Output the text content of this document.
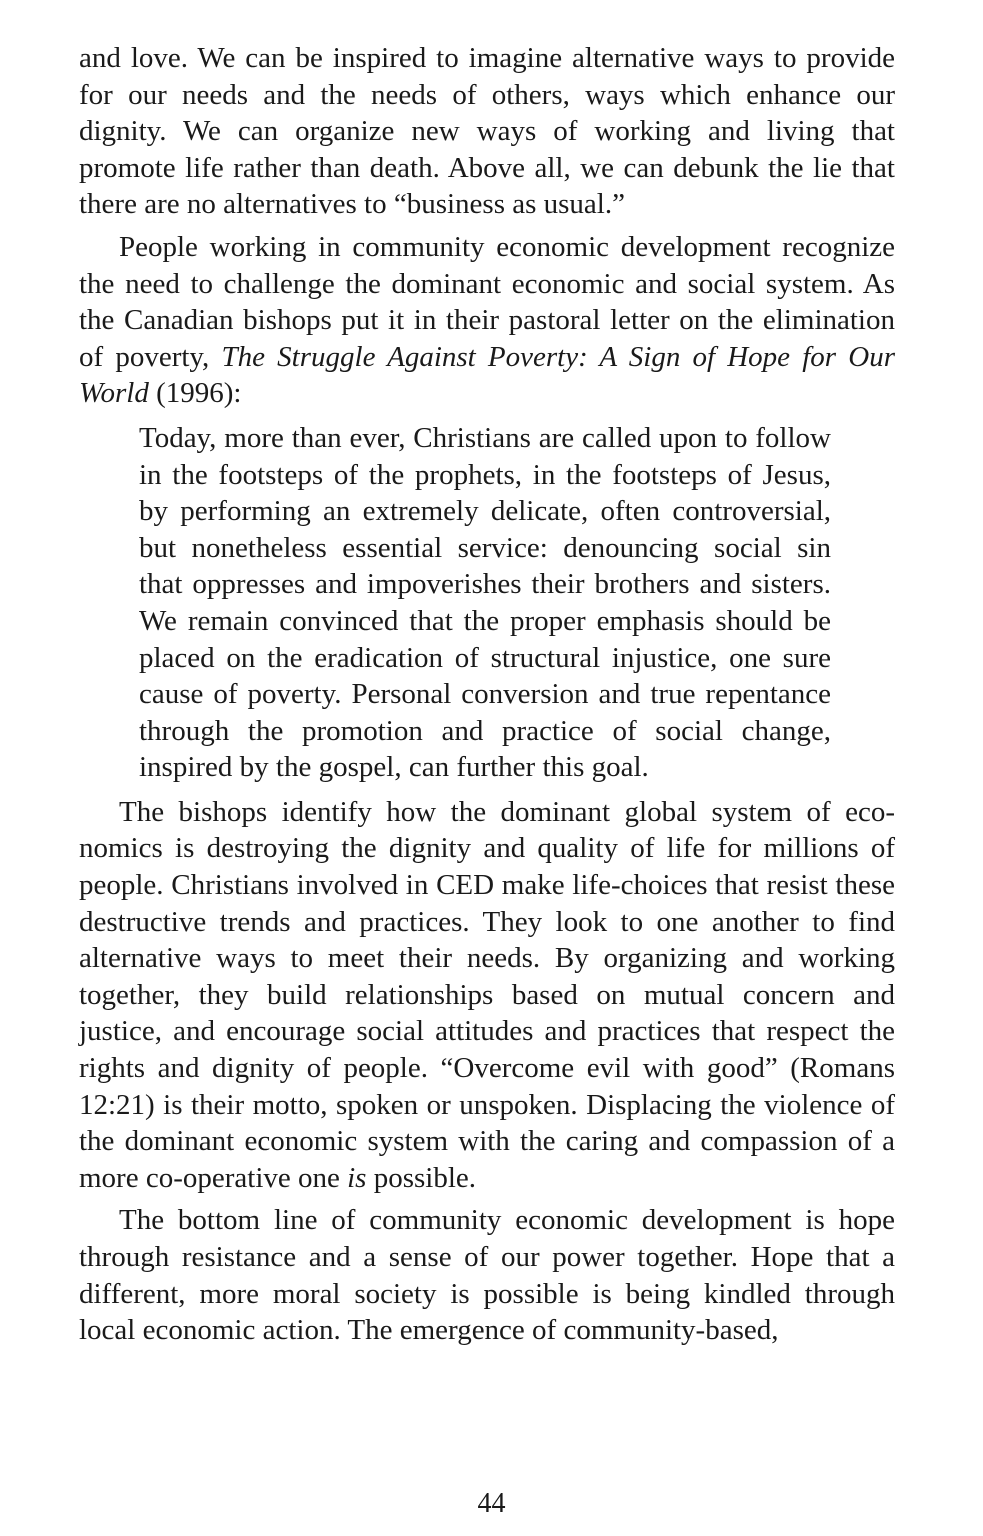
and love. We can be inspired to imagine alternative ways to provide for our needs and the needs of others, ways which enhance our dignity. We can organize new ways of working and living that promote life rather than death. Above all, we can debunk the lie that there are no alternatives to “business as usual.”

People working in community economic development recognize the need to challenge the dominant economic and social system. As the Canadian bishops put it in their pastoral letter on the elimination of poverty, The Struggle Against Poverty: A Sign of Hope for Our World (1996):

Today, more than ever, Christians are called upon to follow in the footsteps of the prophets, in the footsteps of Jesus, by performing an extremely delicate, often controversial, but nonetheless essential service: denouncing social sin that oppresses and impoverishes their brothers and sisters. We remain convinced that the proper emphasis should be placed on the eradication of structural injustice, one sure cause of poverty. Personal conversion and true repentance through the promotion and practice of social change, inspired by the gospel, can further this goal.

The bishops identify how the dominant global system of economics is destroying the dignity and quality of life for millions of people. Christians involved in CED make life-choices that resist these destructive trends and practices. They look to one another to find alternative ways to meet their needs. By organizing and working together, they build relationships based on mutual concern and justice, and encourage social attitudes and practices that respect the rights and dignity of people. “Overcome evil with good” (Romans 12:21) is their motto, spoken or unspoken. Displacing the violence of the dominant economic system with the caring and compassion of a more co-operative one is possible.

The bottom line of community economic development is hope through resistance and a sense of our power together. Hope that a different, more moral society is possible is being kindled through local economic action. The emergence of community-based,

44
